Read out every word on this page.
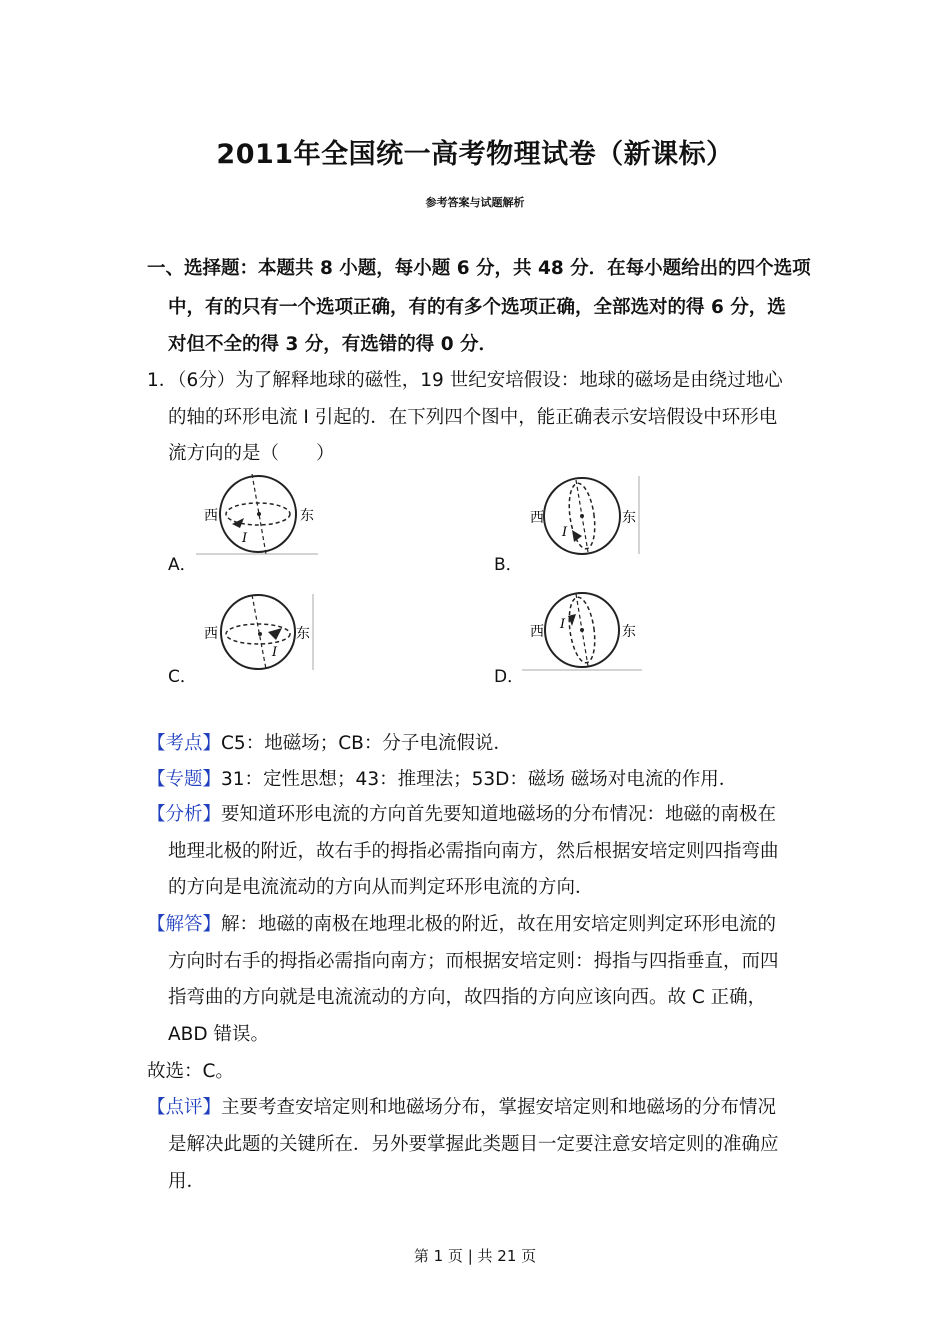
2011年全国统一高考物理试卷（新课标）
参考答案与试题解析
一、选择题：本题共 8 小题，每小题 6 分，共 48 分．在每小题给出的四个选项
中，有的只有一个选项正确，有的有多个选项正确，全部选对的得 6 分，选
对但不全的得 3 分，有选错的得 0 分．
1．（6分）为了解释地球的磁性，19 世纪安培假设：地球的磁场是由绕过地心
的轴的环形电流 I 引起的．在下列四个图中，能正确表示安培假设中环形电
流方向的是（　　）
A．
西	东
I
B．
西	东
I
C．
西	东
I
D．
西	东
I
【考点】C5：地磁场；CB：分子电流假说．
【专题】31：定性思想；43：推理法；53D：磁场 磁场对电流的作用．
【分析】要知道环形电流的方向首先要知道地磁场的分布情况：地磁的南极在
地理北极的附近，故右手的拇指必需指向南方，然后根据安培定则四指弯曲
的方向是电流流动的方向从而判定环形电流的方向．
【解答】解：地磁的南极在地理北极的附近，故在用安培定则判定环形电流的
方向时右手的拇指必需指向南方；而根据安培定则：拇指与四指垂直，而四
指弯曲的方向就是电流流动的方向，故四指的方向应该向西。故 C 正确，
ABD 错误。
故选：C。
【点评】主要考查安培定则和地磁场分布，掌握安培定则和地磁场的分布情况
是解决此题的关键所在．另外要掌握此类题目一定要注意安培定则的准确应
用．
第 1 页 | 共 21 页
